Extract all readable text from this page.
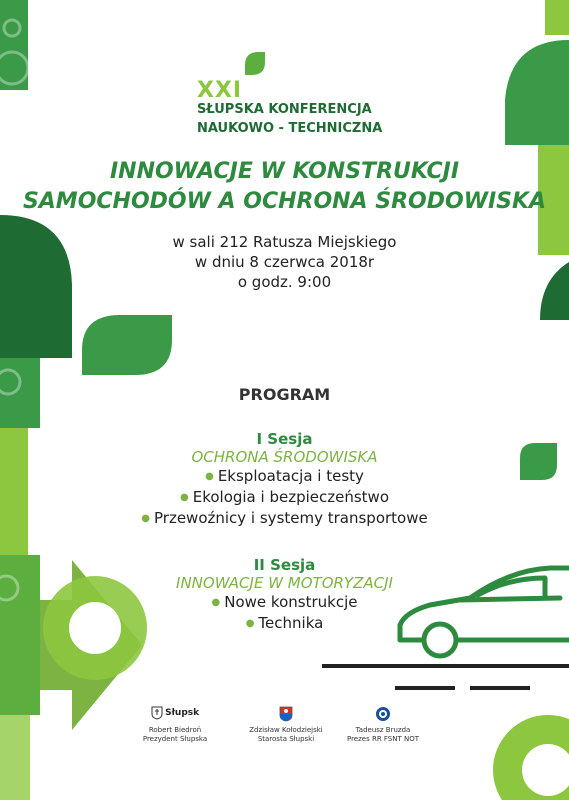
XXI
SŁUPSKA KONFERENCJA
NAUKOWO - TECHNICZNA
INNOWACJE W KONSTRUKCJI
SAMOCHODÓW A OCHRONA ŚRODOWISKA
w sali 212 Ratusza Miejskiego
w dniu 8 czerwca 2018r
o godz. 9:00
PROGRAM
I Sesja
OCHRONA ŚRODOWISKA
● Eksploatacja i testy
● Ekologia i bezpieczeństwo
● Przewoźnicy i systemy transportowe
II Sesja
INNOWACJE W MOTORYZACJI
● Nowe konstrukcje
● Technika
Słupsk
Robert Biedroń
Prezydent Słupska
Zdzisław Kołodziejski
Starosta Słupski
Tadeusz Bruzda
Prezes RR FSNT NOT
